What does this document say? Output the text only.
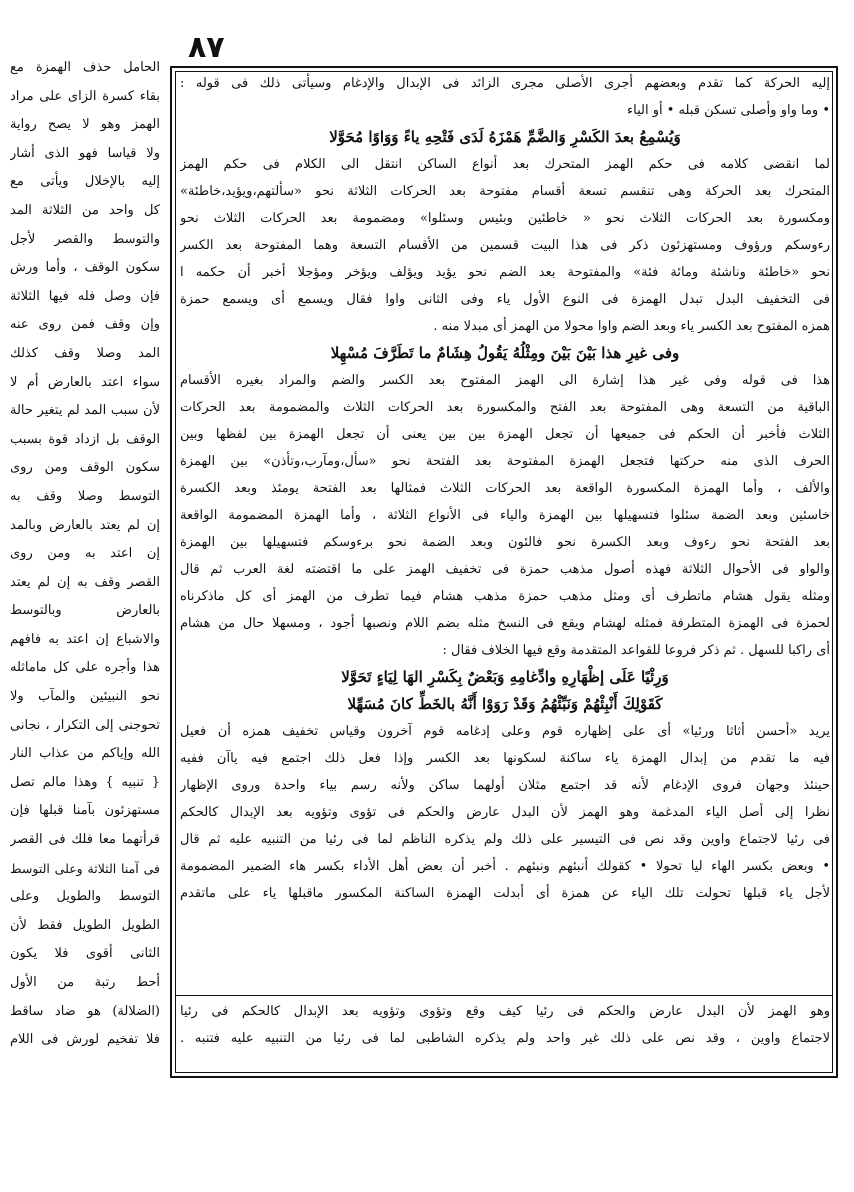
٨٧
إليه الحركة كما تقدم وبعضهم أجرى الأصلى مجرى الزائد فى الإبدال والإدغام وسيأتى ذلك فى قوله :
• وما واو وأصلى تسكن قبله • أو الياء
وَيُسْمِعُ بعدَ الكَسْرِ وَالضَّمِّ هَمْزَهُ لَدَى فَتْحِهِ ياءً وَوَاوًا مُحَوَّلا
لما انقضى كلامه فى حكم الهمز المتحرك بعد أنواع الساكن انتقل الى الكلام فى حكم الهمز
المتحرك بعد الحركة وهى تنقسم تسعة أقسام مفتوحة بعد الحركات الثلاثة نحو «سألتهم،ويؤيد،خاطئة»
ومكسورة بعد الحركات الثلاث نحو « خاطئين وبئيس وسئلوا» ومضمومة بعد الحركات الثلاث نحو
رءوسكم ورؤوف ومستهزئون ذكر فى هذا البيت قسمين من الأقسام التسعة وهما المفتوحة بعد الكسر
نحو «خاطئة وناشئة ومائة فئة» والمفتوحة بعد الضم نحو يؤيد ويؤلف ويؤخر ومؤجلا أخبر أن حكمه ا
فى التخفيف البدل تبدل الهمزة فى النوع الأول ياء وفى الثانى واوا فقال ويسمع أى ويسمع حمزة
همزه المفتوح بعد الكسر ياء وبعد الضم واوا محولا من الهمز أى مبدلا منه .
وفى غيرِ هذا بَيْنَ بَيْنَ ومِثْلُهُ يَقُولُ هِشَامٌ ما تَطَرَّفَ مُسْهِلا
هذا فى قوله وفى غير هذا إشارة الى الهمز المفتوح بعد الكسر والضم والمراد بغيره الأقسام
الباقية من التسعة وهى المفتوحة بعد الفتح والمكسورة بعد الحركات الثلاث والمضمومة بعد الحركات
الثلاث فأخبر أن الحكم فى جميعها أن تجعل الهمزة بين بين يعنى أن تجعل الهمزة بين لفظها وبين
الحرف الذى منه حركتها فتجعل الهمزة المفتوحة بعد الفتحة نحو «سأل،ومآرب،وتأذن» بين الهمزة
والألف ، وأما الهمزة المكسورة الواقعة بعد الحركات الثلاث فمثالها بعد الفتحة يومئذ وبعد الكسرة
خاسئين وبعد الضمة سئلوا فتسهيلها بين الهمزة والياء فى الأنواع الثلاثة ، وأما الهمزة المضمومة الواقعة
بعد الفتحة نحو رءوف وبعد الكسرة نحو فالئون وبعد الضمة نحو برءوسكم فتسهيلها بين الهمزة
والواو فى الأحوال الثلاثة فهذه أصول مذهب حمزة فى تخفيف الهمز على ما اقتضته لغة العرب ثم قال
ومثله يقول هشام ماتطرف أى ومثل مذهب حمزة مذهب هشام فيما تطرف من الهمز أى كل ماذكرناه
لحمزة فى الهمزة المتطرفة فمثله لهشام ويقع فى النسخ مثله بضم اللام ونصبها أجود ، ومسهلا حال من هشام
أى راكبا للسهل . ثم ذكر فروعا للقواعد المتقدمة وقع فيها الخلاف فقال :
وَرِئْيًا عَلَى إظْهَارِهِ وادِّغامِهِ وَبَعْضٌ بِكَسْرِ الهَا لِيَاءٍ تَحَوَّلا
كَقَوْلِكَ أَنْبِئْهُمْ وَنَبِّئْهُمُ وَقَدْ رَوَوْا أَنَّهُ بالخَطِّ كانَ مُسَهِّلا
يريد «أحسن أثاثا ورئيا» أى على إظهاره قوم وعلى إدغامه قوم آخرون وقياس تخفيف همزه أن فعيل
فيه ما تقدم من إبدال الهمزة ياء ساكنة لسكونها بعد الكسر وإذا فعل ذلك اجتمع فيه ياآن ففيه
حينئذ وجهان فروى الإدغام لأنه قد اجتمع مثلان أولهما ساكن ولأنه رسم بياء واحدة وروى الإظهار
نظرا إلى أصل الياء المدغمة وهو الهمز لأن البدل عارض والحكم فى تؤوى وتؤويه بعد الإبدال كالحكم
فى رئيا لاجتماع واوين وقد نص فى التيسير على ذلك ولم يذكره الناظم لما فى رئيا من التنبيه عليه ثم قال
• وبعض بكسر الهاء ليا تحولا • كقولك أنبئهم ونبئهم . أخبر أن بعض أهل الأداء بكسر هاء الضمير المضمومة
لأجل ياء قبلها تحولت تلك الياء عن همزة أى أبدلت الهمزة الساكنة المكسور ماقبلها ياء على ماتقدم
وهو الهمز لأن البدل عارض والحكم فى رئيا كيف وقع وتؤوى وتؤويه بعد الإبدال كالحكم فى رئيا
لاجتماع واوين ، وقد نص على ذلك غير واحد ولم يذكره الشاطبى لما فى رئيا من التنبيه عليه فتنبه .
الحامل حذف الهمزة مع
بقاء كسرة الزاى على مراد
الهمز وهو لا يصح رواية
ولا قياسا فهو الذى أشار
إليه بالإخلال ويأتى مع
كل واحد من الثلاثة المد
والتوسط والقصر لأجل
سكون الوقف ، وأما ورش
فإن وصل فله فيها الثلاثة
وإن وقف فمن روى عنه
المد وصلا وقف كذلك
سواء اعتد بالعارض أم لا
لأن سبب المد لم يتغير حالة
الوقف بل ازداد قوة بسبب
سكون الوقف ومن روى
التوسط وصلا وقف به
إن لم يعتد بالعارض وبالمد
إن اعتد به ومن روى
القصر وقف به إن لم يعتد
بالعارض وبالتوسط
والاشباع إن اعتد به فافهم
هذا وأجره على كل ماماثله
نحو النبيئين والمآب ولا
تحوجنى إلى التكرار ، نجانى
الله وإياكم من عذاب النار
{ تنبيه } وهذا مالم تصل
مستهزئون بآمنا قبلها فإن
قرأتهما معا فلك فى القصر
فى آمنا الثلاثة وعلى التوسط
التوسط والطويل وعلى
الطويل الطويل فقط لأن
الثانى أقوى فلا يكون
أحط رتبة من الأول
(الضلالة) هو ضاد ساقط
فلا تفخيم لورش فى اللام
